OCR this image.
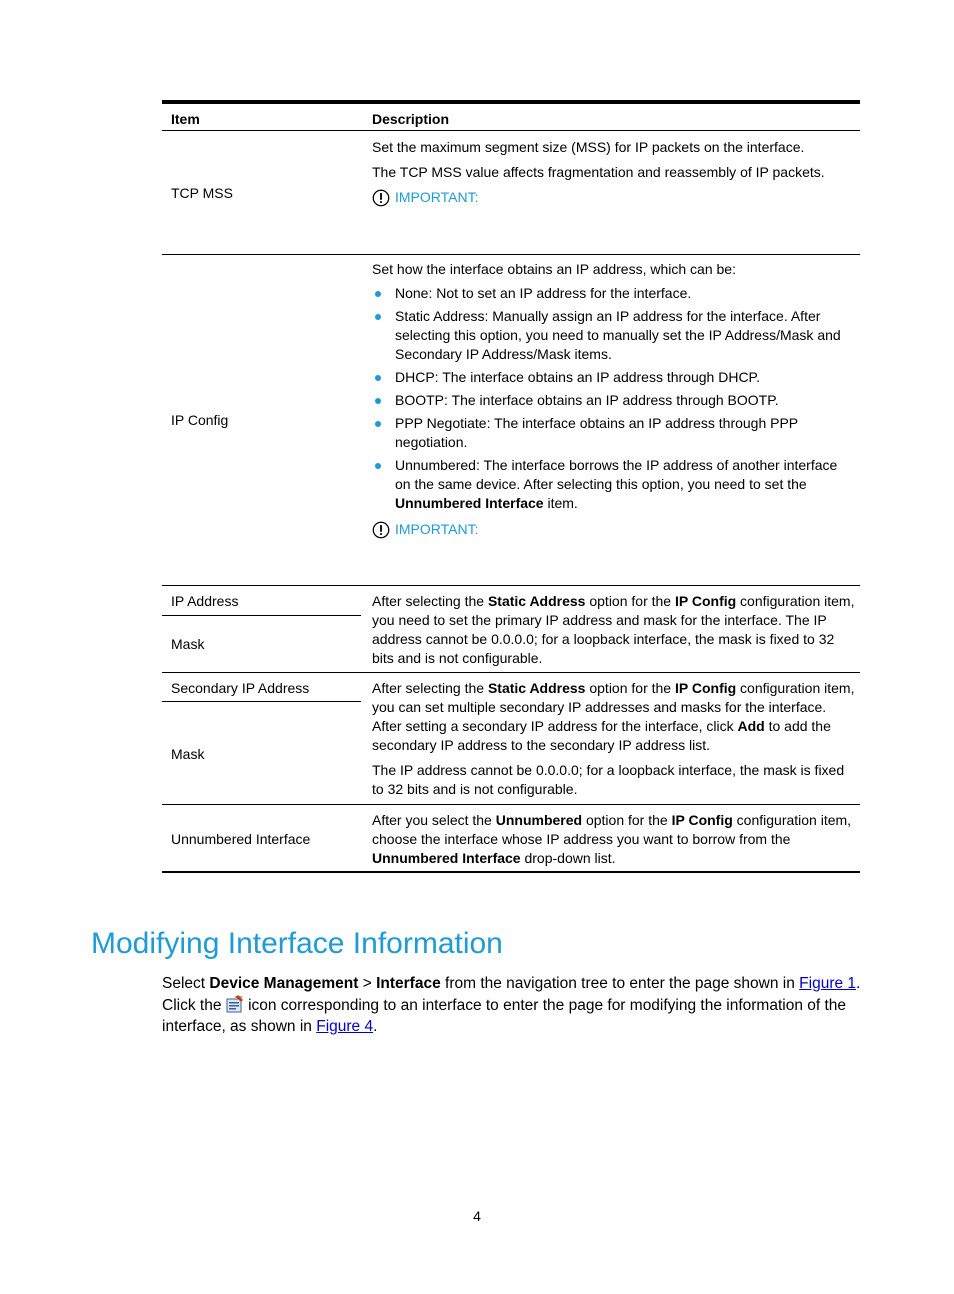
Item	Description
TCP MSS

Set the maximum segment size (MSS) for IP packets on the interface.

The TCP MSS value affects fragmentation and reassembly of IP packets.

IMPORTANT:
IP Config

Set how the interface obtains an IP address, which can be:

None: Not to set an IP address for the interface.
Static Address: Manually assign an IP address for the interface. After selecting this option, you need to manually set the IP Address/Mask and Secondary IP Address/Mask items.
DHCP: The interface obtains an IP address through DHCP.
BOOTP: The interface obtains an IP address through BOOTP.
PPP Negotiate: The interface obtains an IP address through PPP negotiation.
Unnumbered: The interface borrows the IP address of another interface on the same device. After selecting this option, you need to set the Unnumbered Interface item.
IMPORTANT:
IP Address
Mask

After selecting the Static Address option for the IP Config configuration item, you need to set the primary IP address and mask for the interface. The IP address cannot be 0.0.0.0; for a loopback interface, the mask is fixed to 32 bits and is not configurable.

Secondary IP Address
Mask

After selecting the Static Address option for the IP Config configuration item, you can set multiple secondary IP addresses and masks for the interface. After setting a secondary IP address for the interface, click Add to add the secondary IP address to the secondary IP address list.

The IP address cannot be 0.0.0.0; for a loopback interface, the mask is fixed to 32 bits and is not configurable.

Unnumbered Interface

After you select the Unnumbered option for the IP Config configuration item, choose the interface whose IP address you want to borrow from the Unnumbered Interface drop-down list.

Modifying Interface Information
Select Device Management > Interface from the navigation tree to enter the page shown in Figure 1. Click the  icon corresponding to an interface to enter the page for modifying the information of the interface, as shown in Figure 4.
4
